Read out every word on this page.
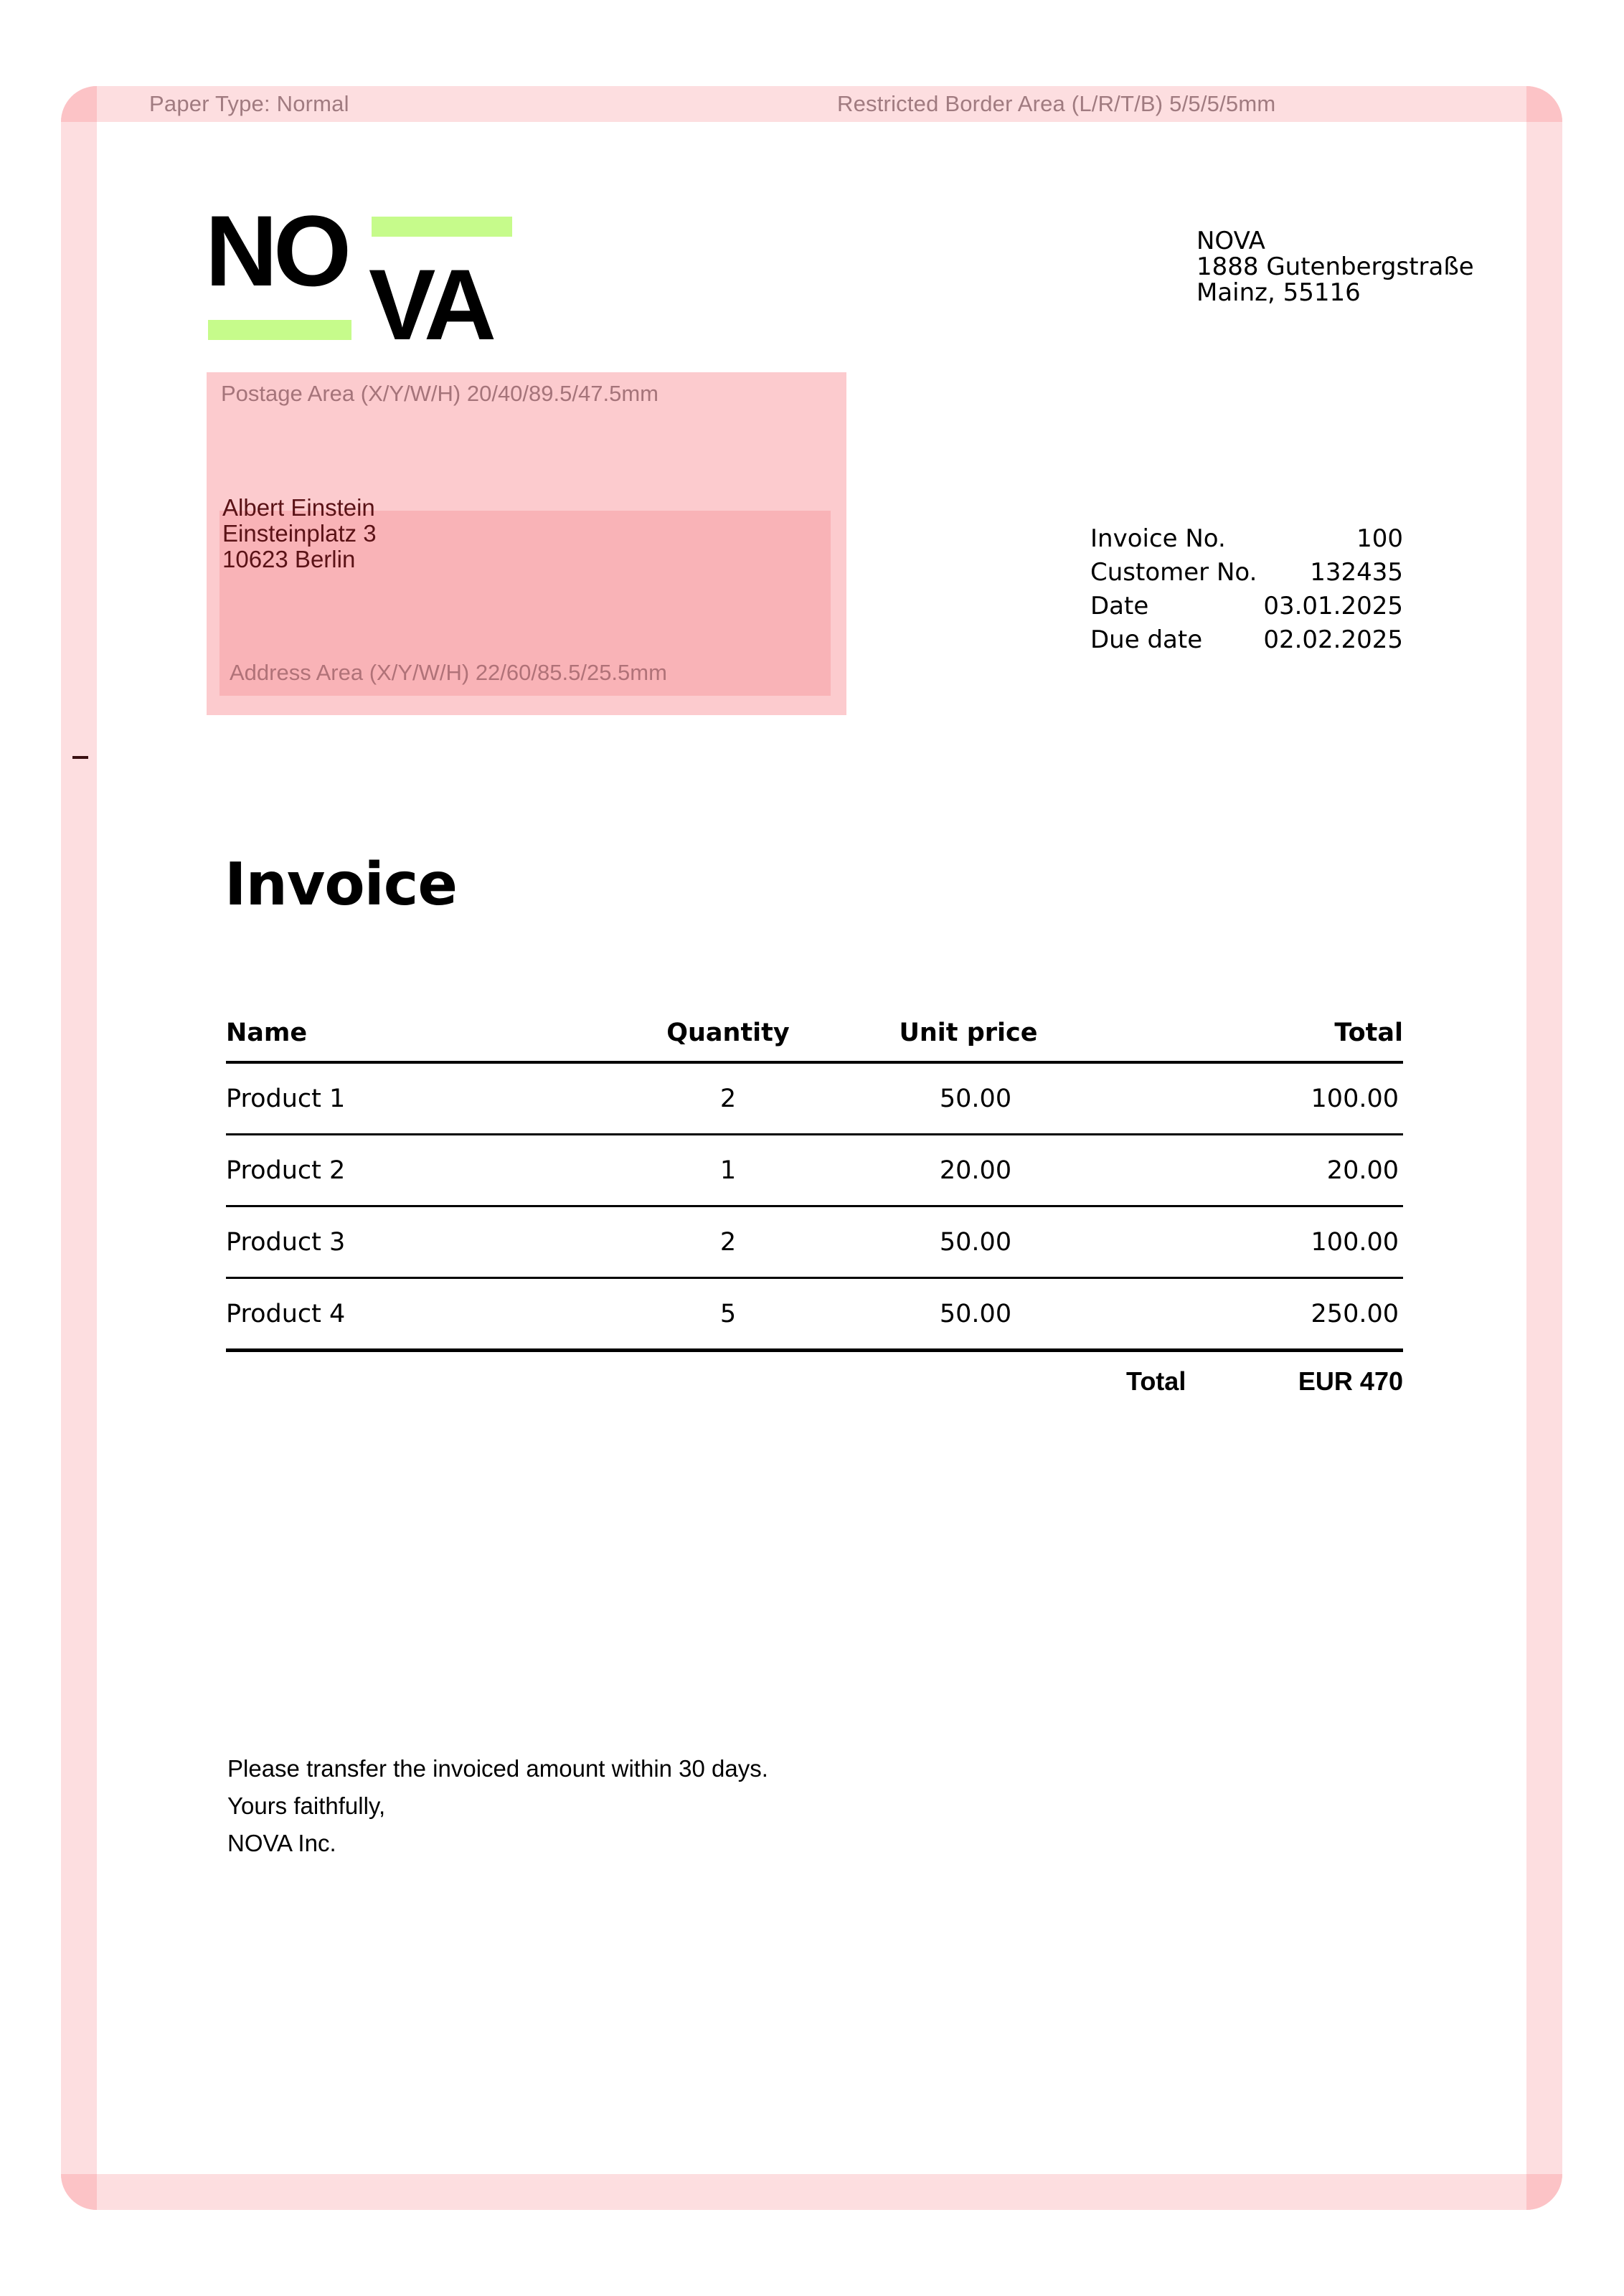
Paper Type: Normal	Restricted Border Area (L/R/T/B) 5/5/5/5mm
NO VA
NOVA
1888 Gutenbergstraße
Mainz, 55116
Postage Area (X/Y/W/H) 20/40/89.5/47.5mm
Address Area (X/Y/W/H) 22/60/85.5/25.5mm
Albert Einstein
Einsteinplatz 3
10623 Berlin
Invoice No.	100
Customer No. 132435
Date	03.01.2025
Due date	02.02.2025
Invoice
Name	Quantity	Unit price	Total
Product 1	2	50.00	100.00
Product 2	1	20.00	20.00
Product 3	2	50.00	100.00
Product 4	5	50.00	250.00
Total	EUR 470
Please transfer the invoiced amount within 30 days.
Yours faithfully,
NOVA Inc.
